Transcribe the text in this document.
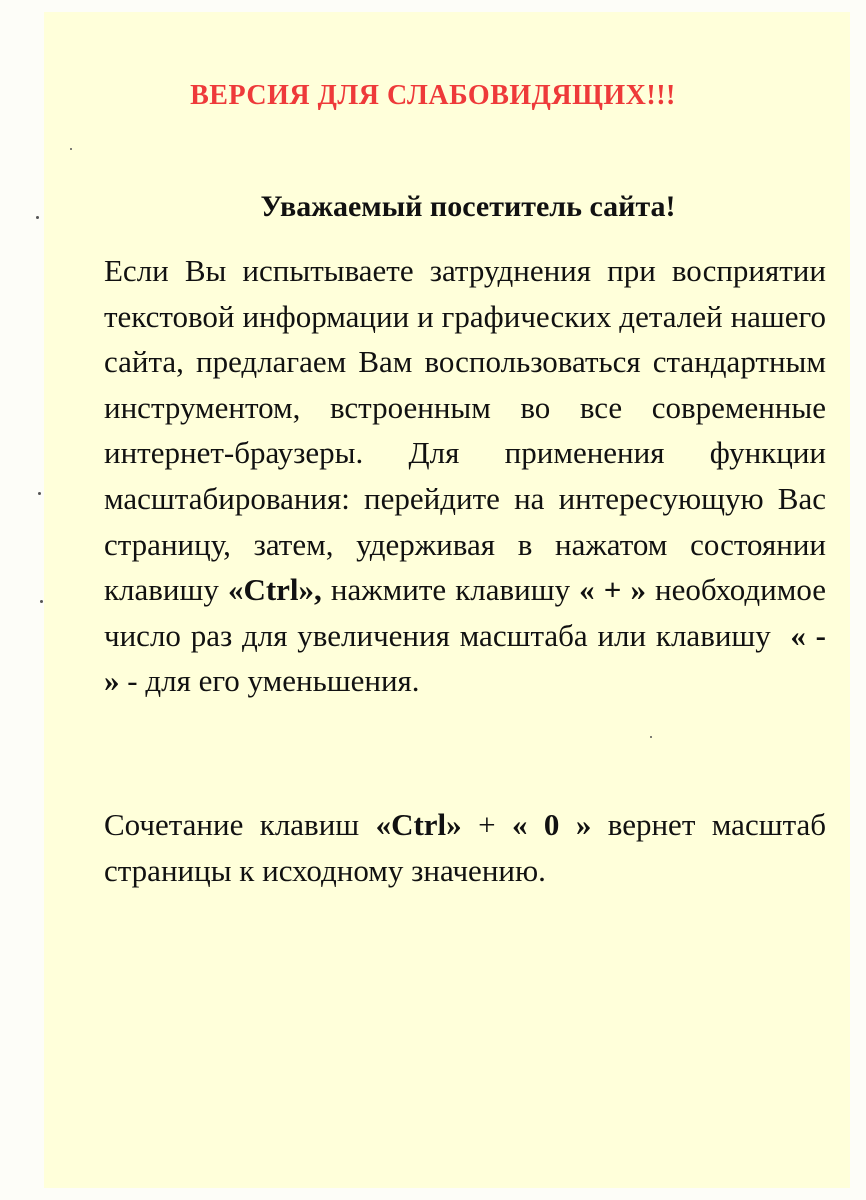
ВЕРСИЯ ДЛЯ СЛАБОВИДЯЩИХ!!!
Уважаемый посетитель сайта!

Если Вы испытываете затруднения при восприятии текстовой информации и графических деталей нашего сайта, предлагаем Вам воспользоваться стандартным инструментом, встроенным во все современные интернет-браузеры. Для применения функции масштабирования: перейдите на интересующую Вас страницу, затем, удерживая в нажатом состоянии клавишу «Ctrl», нажмите клавишу « + » необходимое число раз для увеличения масштаба или клавишу « - » - для его уменьшения.

Сочетание клавиш «Ctrl» + « 0 » вернет масштаб страницы к исходному значению.
